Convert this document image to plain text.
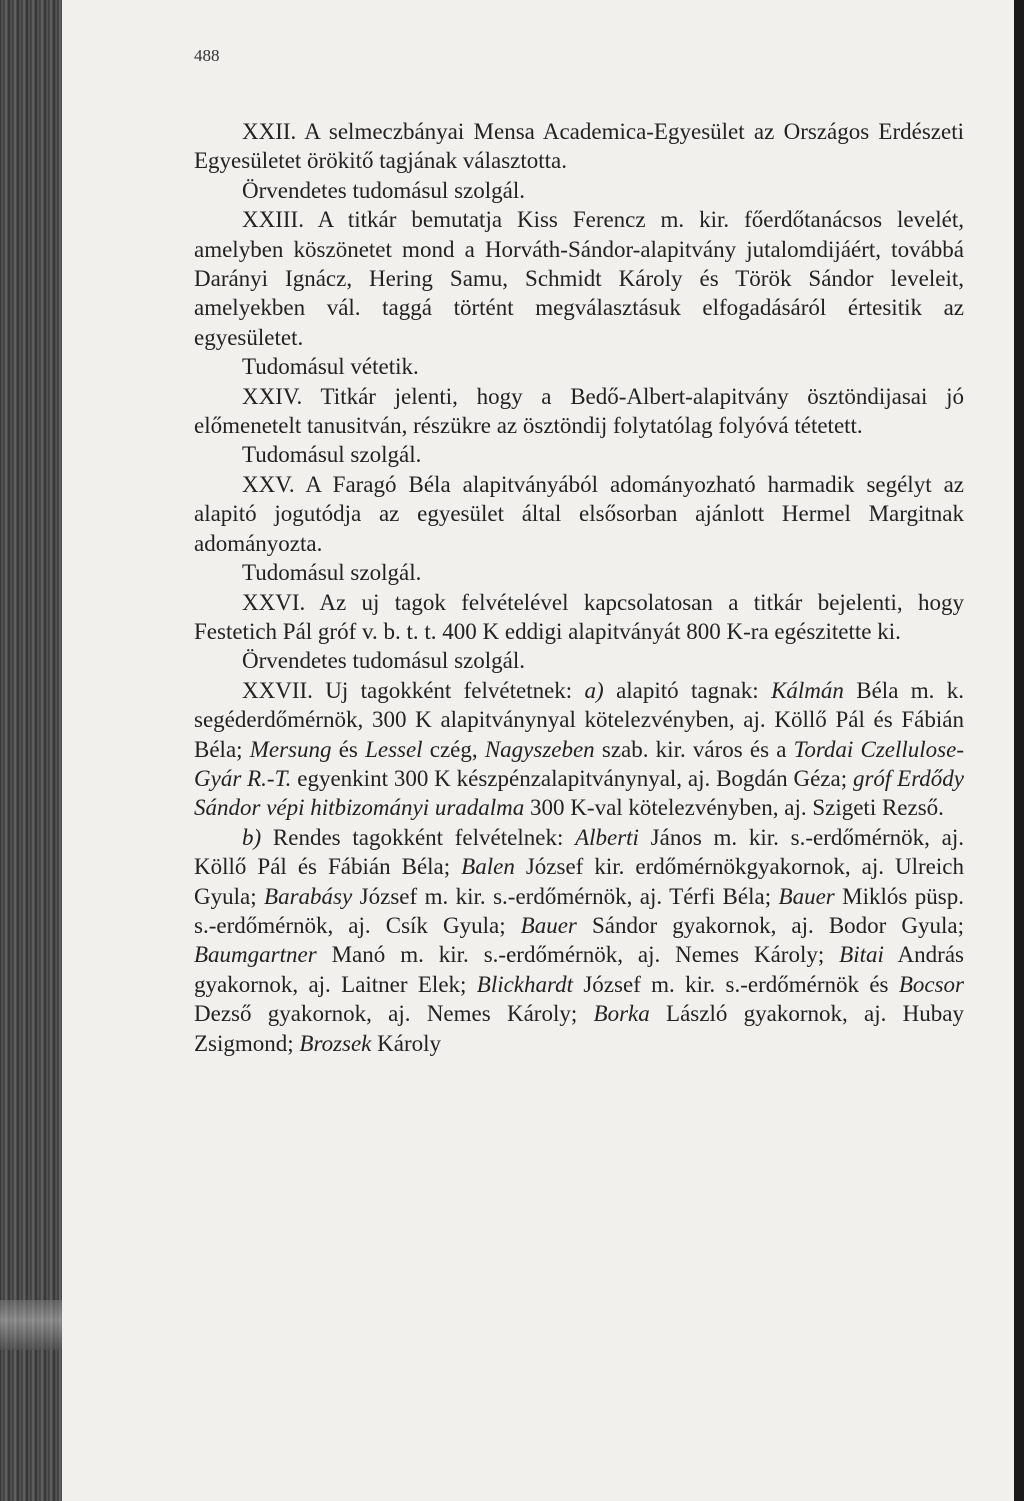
488

XXII. A selmeczbányai Mensa Academica-Egyesület az Országos Erdészeti Egyesületet örökitő tagjának választotta.

Örvendetes tudomásul szolgál.

XXIII. A titkár bemutatja Kiss Ferencz m. kir. főerdőtanácsos levelét, amelyben köszönetet mond a Horváth-Sándor-alapitvány jutalomdijáért, továbbá Darányi Ignácz, Hering Samu, Schmidt Károly és Török Sándor leveleit, amelyekben vál. taggá történt megválasztásuk elfogadásáról értesitik az egyesületet.

Tudomásul vétetik.

XXIV. Titkár jelenti, hogy a Bedő-Albert-alapitvány ösztöndijasai jó előmenetelt tanusitván, részükre az ösztöndij folytatólag folyóvá tétetett.

Tudomásul szolgál.

XXV. A Faragó Béla alapitványából adományozható harmadik segélyt az alapitó jogutódja az egyesület által elsősorban ajánlott Hermel Margitnak adományozta.

Tudomásul szolgál.

XXVI. Az uj tagok felvételével kapcsolatosan a titkár bejelenti, hogy Festetich Pál gróf v. b. t. t. 400 K eddigi alapitványát 800 K-ra egészitette ki.

Örvendetes tudomásul szolgál.

XXVII. Uj tagokként felvétetnek: a) alapitó tagnak: Kálmán Béla m. k. segéderdőmérnök, 300 K alapitványnyal kötelezvényben, aj. Köllő Pál és Fábián Béla; Mersung és Lessel czég, Nagyszeben szab. kir. város és a Tordai Czellulose-Gyár R.-T. egyenkint 300 K készpénzalapitványnyal, aj. Bogdán Géza; gróf Erdődy Sándor vépi hitbizományi uradalma 300 K-val kötelezvényben, aj. Szigeti Rezső.

b) Rendes tagokként felvételnek: Alberti János m. kir. s.-erdőmérnök, aj. Köllő Pál és Fábián Béla; Balen József kir. erdőmérnökgyakornok, aj. Ulreich Gyula; Barabásy József m. kir. s.-erdőmérnök, aj. Térfi Béla; Bauer Miklós püsp. s.-erdőmérnök, aj. Csík Gyula; Bauer Sándor gyakornok, aj. Bodor Gyula; Baumgartner Manó m. kir. s.-erdőmérnök, aj. Nemes Károly; Bitai András gyakornok, aj. Laitner Elek; Blickhardt József m. kir. s.-erdőmérnök és Bocsor Dezső gyakornok, aj. Nemes Károly; Borka László gyakornok, aj. Hubay Zsigmond; Brozsek Károly
